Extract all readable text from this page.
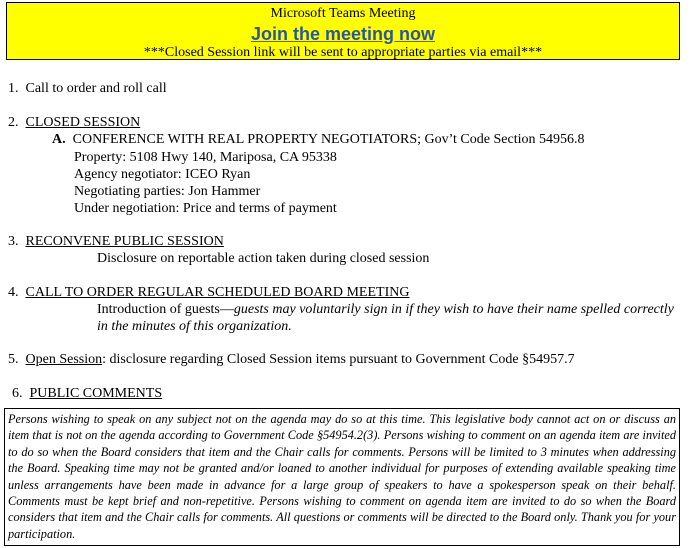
Microsoft Teams Meeting
Join the meeting now
***Closed Session link will be sent to appropriate parties via email***
1. Call to order and roll call
2. CLOSED SESSION
A. CONFERENCE WITH REAL PROPERTY NEGOTIATORS; Gov’t Code Section 54956.8
Property: 5108 Hwy 140, Mariposa, CA 95338
Agency negotiator: ICEO Ryan
Negotiating parties: Jon Hammer
Under negotiation: Price and terms of payment
3. RECONVENE PUBLIC SESSION
Disclosure on reportable action taken during closed session
4. CALL TO ORDER REGULAR SCHEDULED BOARD MEETING
Introduction of guests—guests may voluntarily sign in if they wish to have their name spelled correctly
in the minutes of this organization.
5. Open Session: disclosure regarding Closed Session items pursuant to Government Code §54957.7
6. PUBLIC COMMENTS
Persons wishing to speak on any subject not on the agenda may do so at this time. This legislative body cannot act on or discuss an item that is not on the agenda according to Government Code §54954.2(3). Persons wishing to comment on an agenda item are invited to do so when the Board considers that item and the Chair calls for comments. Persons will be limited to 3 minutes when addressing the Board. Speaking time may not be granted and/or loaned to another individual for purposes of extending available speaking time unless arrangements have been made in advance for a large group of speakers to have a spokesperson speak on their behalf. Comments must be kept brief and non-repetitive. Persons wishing to comment on agenda item are invited to do so when the Board considers that item and the Chair calls for comments. All questions or comments will be directed to the Board only. Thank you for your participation.
